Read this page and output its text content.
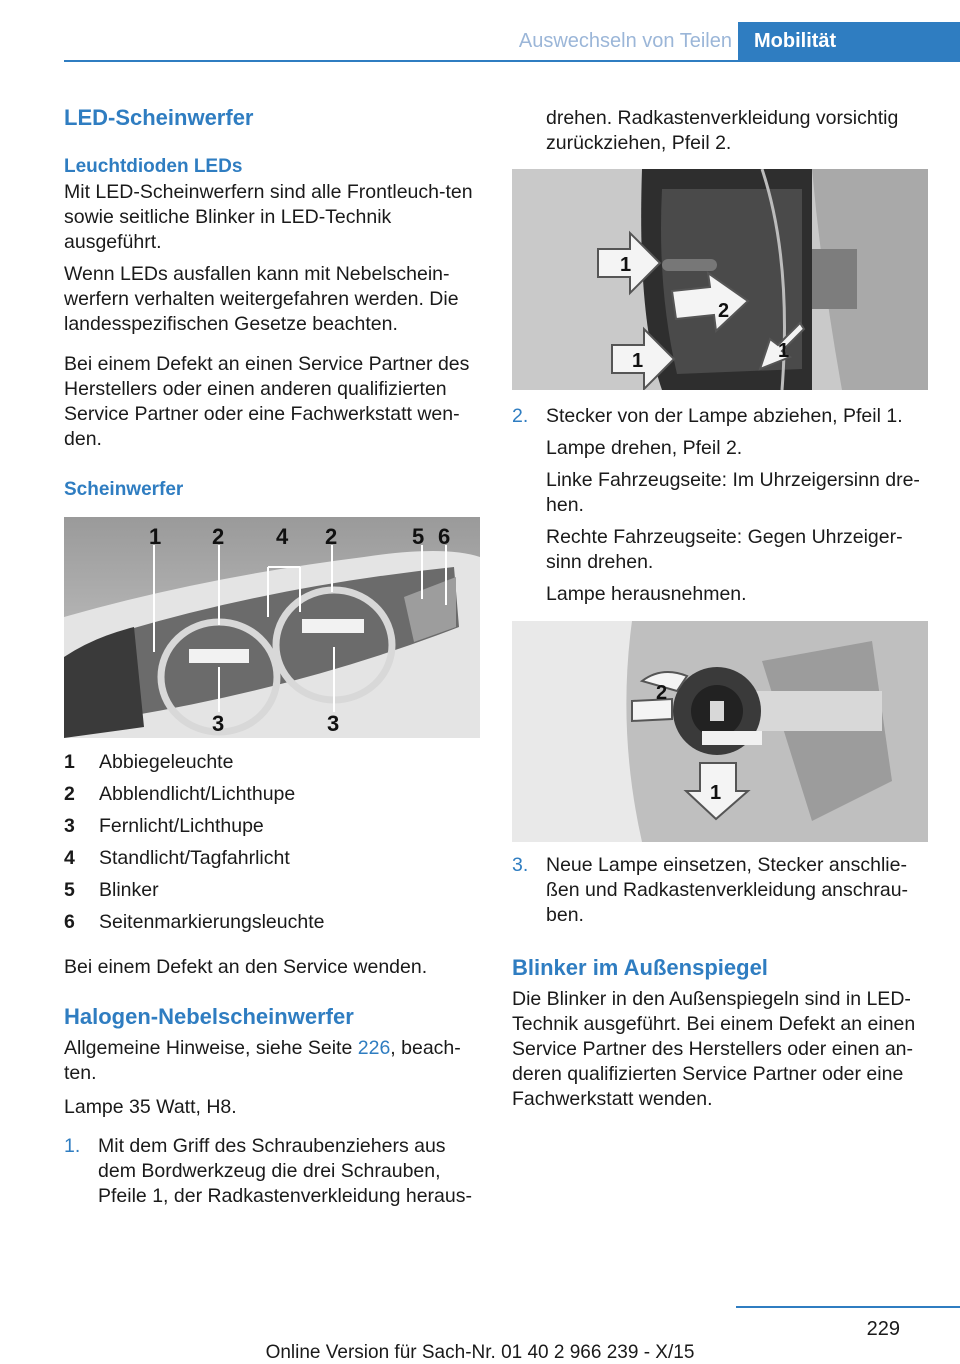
Auswechseln von Teilen	Mobilität
LED-Scheinwerfer
Leuchtdioden LEDs

Mit LED-Scheinwerfern sind alle Frontleuch-ten sowie seitliche Blinker in LED-Technik ausgeführt.

Wenn LEDs ausfallen kann mit Nebelschein-werfern verhalten weitergefahren werden. Die landesspezifischen Gesetze beachten.

Bei einem Defekt an einen Service Partner des Herstellers oder einen anderen qualifizierten Service Partner oder eine Fachwerkstatt wen-den.

Scheinwerfer
1 2 4 2	5 6
3	3
1 Abbiegeleuchte
2 Abblendlicht/Lichthupe
3 Fernlicht/Lichthupe
4 Standlicht/Tagfahrlicht
5 Blinker
6 Seitenmarkierungsleuchte

Bei einem Defekt an den Service wenden.

Halogen-Nebelscheinwerfer

Allgemeine Hinweise, siehe Seite 226, beach-
ten.

Lampe 35 Watt, H8.

1. Mit dem Griff des Schraubenziehers aus dem Bordwerkzeug die drei Schrauben, Pfeile 1, der Radkastenverkleidung heraus-

drehen. Radkastenverkleidung vorsichtig zurückziehen, Pfeil 2.

1
2
1	1
2. Stecker von der Lampe abziehen, Pfeil 1.
Lampe drehen, Pfeil 2.
Linke Fahrzeugseite: Im Uhrzeigersinn dre-hen.
Rechte Fahrzeugseite: Gegen Uhrzeiger-sinn drehen.
Lampe herausnehmen.
2
1
3. Neue Lampe einsetzen, Stecker anschlie-ßen und Radkastenverkleidung anschrau-ben.
Blinker im Außenspiegel

Die Blinker in den Außenspiegeln sind in LED-Technik ausgeführt. Bei einem Defekt an einen Service Partner des Herstellers oder einen an-deren qualifizierten Service Partner oder eine Fachwerkstatt wenden.

229
Online Version für Sach-Nr. 01 40 2 966 239 - X/15
